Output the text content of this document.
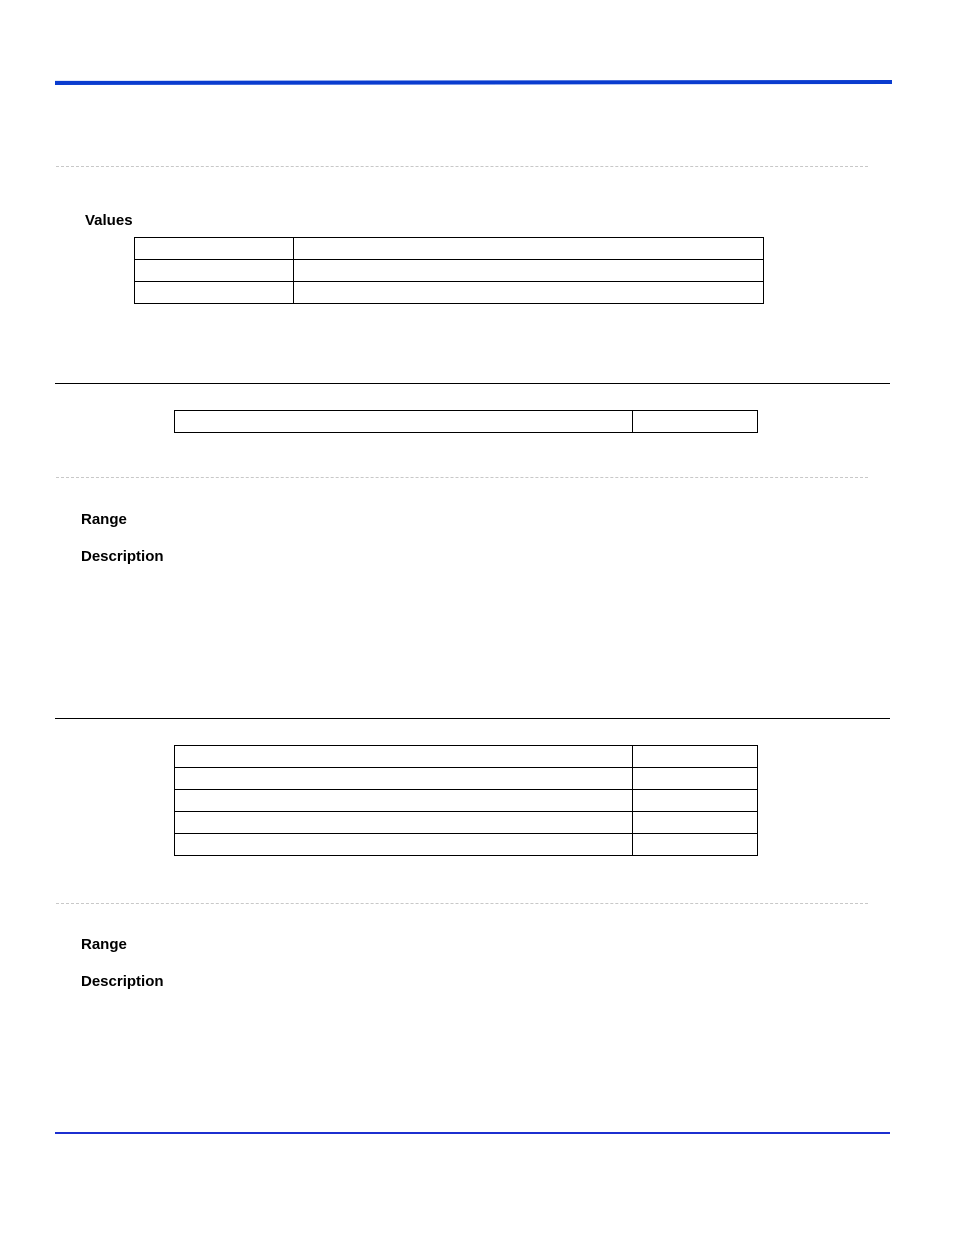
Values

Range
Description

Range
Description
